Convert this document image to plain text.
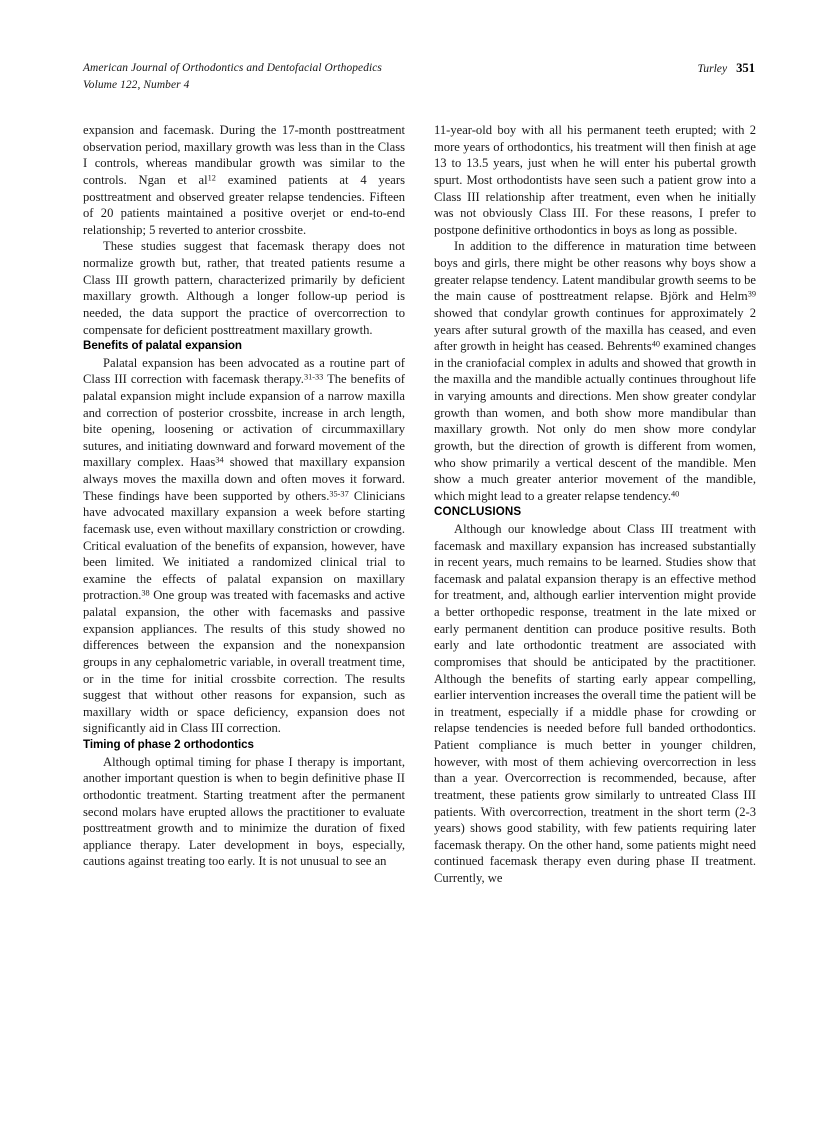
American Journal of Orthodontics and Dentofacial Orthopedics
Volume 122, Number 4
Turley 351

expansion and facemask. During the 17-month posttreatment observation period, maxillary growth was less than in the Class I controls, whereas mandibular growth was similar to the controls. Ngan et $al^{12}$ examined patients at 4 years posttreatment and observed greater relapse tendencies. Fifteen of 20 patients maintained a positive overjet or end-to-end relationship; 5 reverted to anterior crossbite.

These studies suggest that facemask therapy does not normalize growth but, rather, that treated patients resume a Class III growth pattern, characterized primarily by deficient maxillary growth. Although a longer follow-up period is needed, the data support the practice of overcorrection to compensate for deficient posttreatment maxillary growth.

Benefits of palatal expansion

Palatal expansion has been advocated as a routine part of Class III correction with facemask therapy.$^{31-33}$ The benefits of palatal expansion might include expansion of a narrow maxilla and correction of posterior crossbite, increase in arch length, bite opening, loosening or activation of circummaxillary sutures, and initiating downward and forward movement of the maxillary complex. Haas$^{34}$ showed that maxillary expansion always moves the maxilla down and often moves it forward. These findings have been supported by others.$^{35-37}$ Clinicians have advocated maxillary expansion a week before starting facemask use, even without maxillary constriction or crowding. Critical evaluation of the benefits of expansion, however, have been limited. We initiated a randomized clinical trial to examine the effects of palatal expansion on maxillary protraction.$^{38}$ One group was treated with facemasks and active palatal expansion, the other with facemasks and passive expansion appliances. The results of this study showed no differences between the expansion and the nonexpansion groups in any cephalometric variable, in overall treatment time, or in the time for initial crossbite correction. The results suggest that without other reasons for expansion, such as maxillary width or space deficiency, expansion does not significantly aid in Class III correction.

Timing of phase 2 orthodontics

Although optimal timing for phase I therapy is important, another important question is when to begin definitive phase II orthodontic treatment. Starting treatment after the permanent second molars have erupted allows the practitioner to evaluate posttreatment growth and to minimize the duration of fixed appliance therapy. Later development in boys, especially, cautions against treating too early. It is not unusual to see an

11-year-old boy with all his permanent teeth erupted; with 2 more years of orthodontics, his treatment will then finish at age 13 to 13.5 years, just when he will enter his pubertal growth spurt. Most orthodontists have seen such a patient grow into a Class III relationship after treatment, even when he initially was not obviously Class III. For these reasons, I prefer to postpone definitive orthodontics in boys as long as possible.

In addition to the difference in maturation time between boys and girls, there might be other reasons why boys show a greater relapse tendency. Latent mandibular growth seems to be the main cause of posttreatment relapse. Björk and Helm$^{39}$ showed that condylar growth continues for approximately 2 years after sutural growth of the maxilla has ceased, and even after growth in height has ceased. Behrents$^{40}$ examined changes in the craniofacial complex in adults and showed that growth in the maxilla and the mandible actually continues throughout life in varying amounts and directions. Men show greater condylar growth than women, and both show more mandibular than maxillary growth. Not only do men show more condylar growth, but the direction of growth is different from women, who show primarily a vertical descent of the mandible. Men show a much greater anterior movement of the mandible, which might lead to a greater relapse tendency.$^{40}$

CONCLUSIONS

Although our knowledge about Class III treatment with facemask and maxillary expansion has increased substantially in recent years, much remains to be learned. Studies show that facemask and palatal expansion therapy is an effective method for treatment, and, although earlier intervention might provide a better orthopedic response, treatment in the late mixed or early permanent dentition can produce positive results. Both early and late orthodontic treatment are associated with compromises that should be anticipated by the practitioner. Although the benefits of starting early appear compelling, earlier intervention increases the overall time the patient will be in treatment, especially if a middle phase for crowding or relapse tendencies is needed before full banded orthodontics. Patient compliance is much better in younger children, however, with most of them achieving overcorrection in less than a year. Overcorrection is recommended, because, after treatment, these patients grow similarly to untreated Class III patients. With overcorrection, treatment in the short term (2-3 years) shows good stability, with few patients requiring later facemask therapy. On the other hand, some patients might need continued facemask therapy even during phase II treatment. Currently, we
